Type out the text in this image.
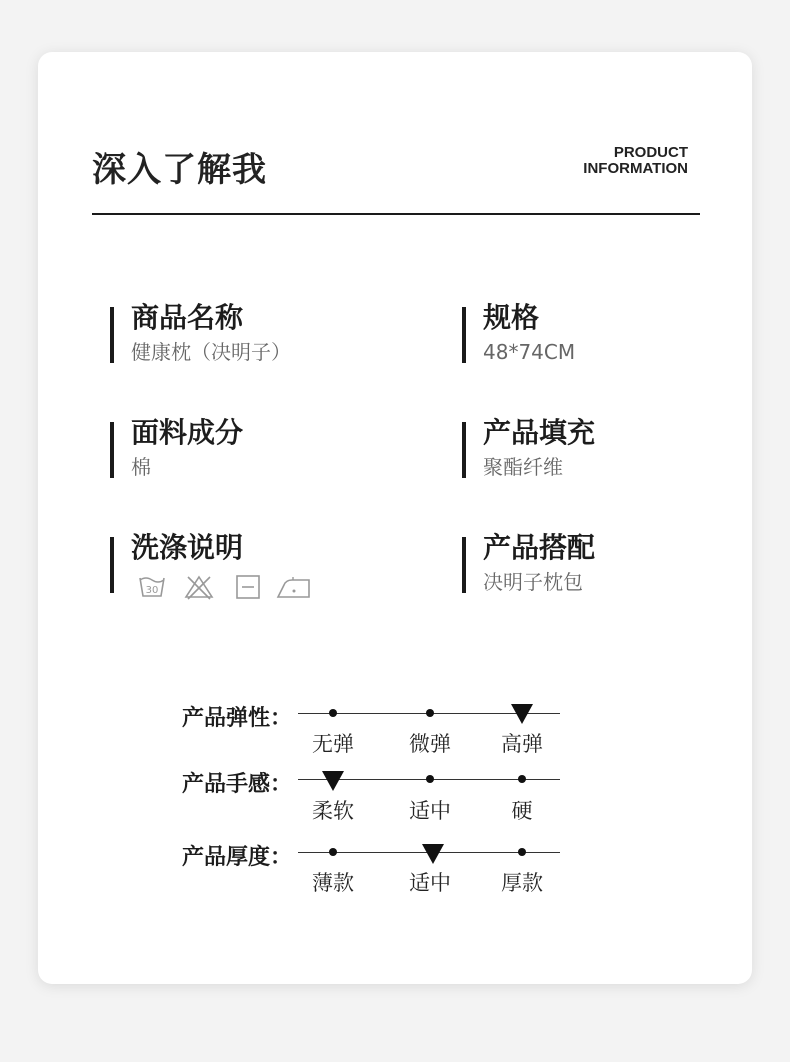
深入了解我	PRODUCT
INFORMATION
商品名称
健康枕（决明子）
规格
48*74CM
面料成分
棉
产品填充
聚酯纤维
洗涤说明	产品搭配
决明子枕包
30
产品弹性：
无弹	微弹	高弹
产品手感：
柔软	适中	硬
产品厚度：
薄款	适中	厚款
